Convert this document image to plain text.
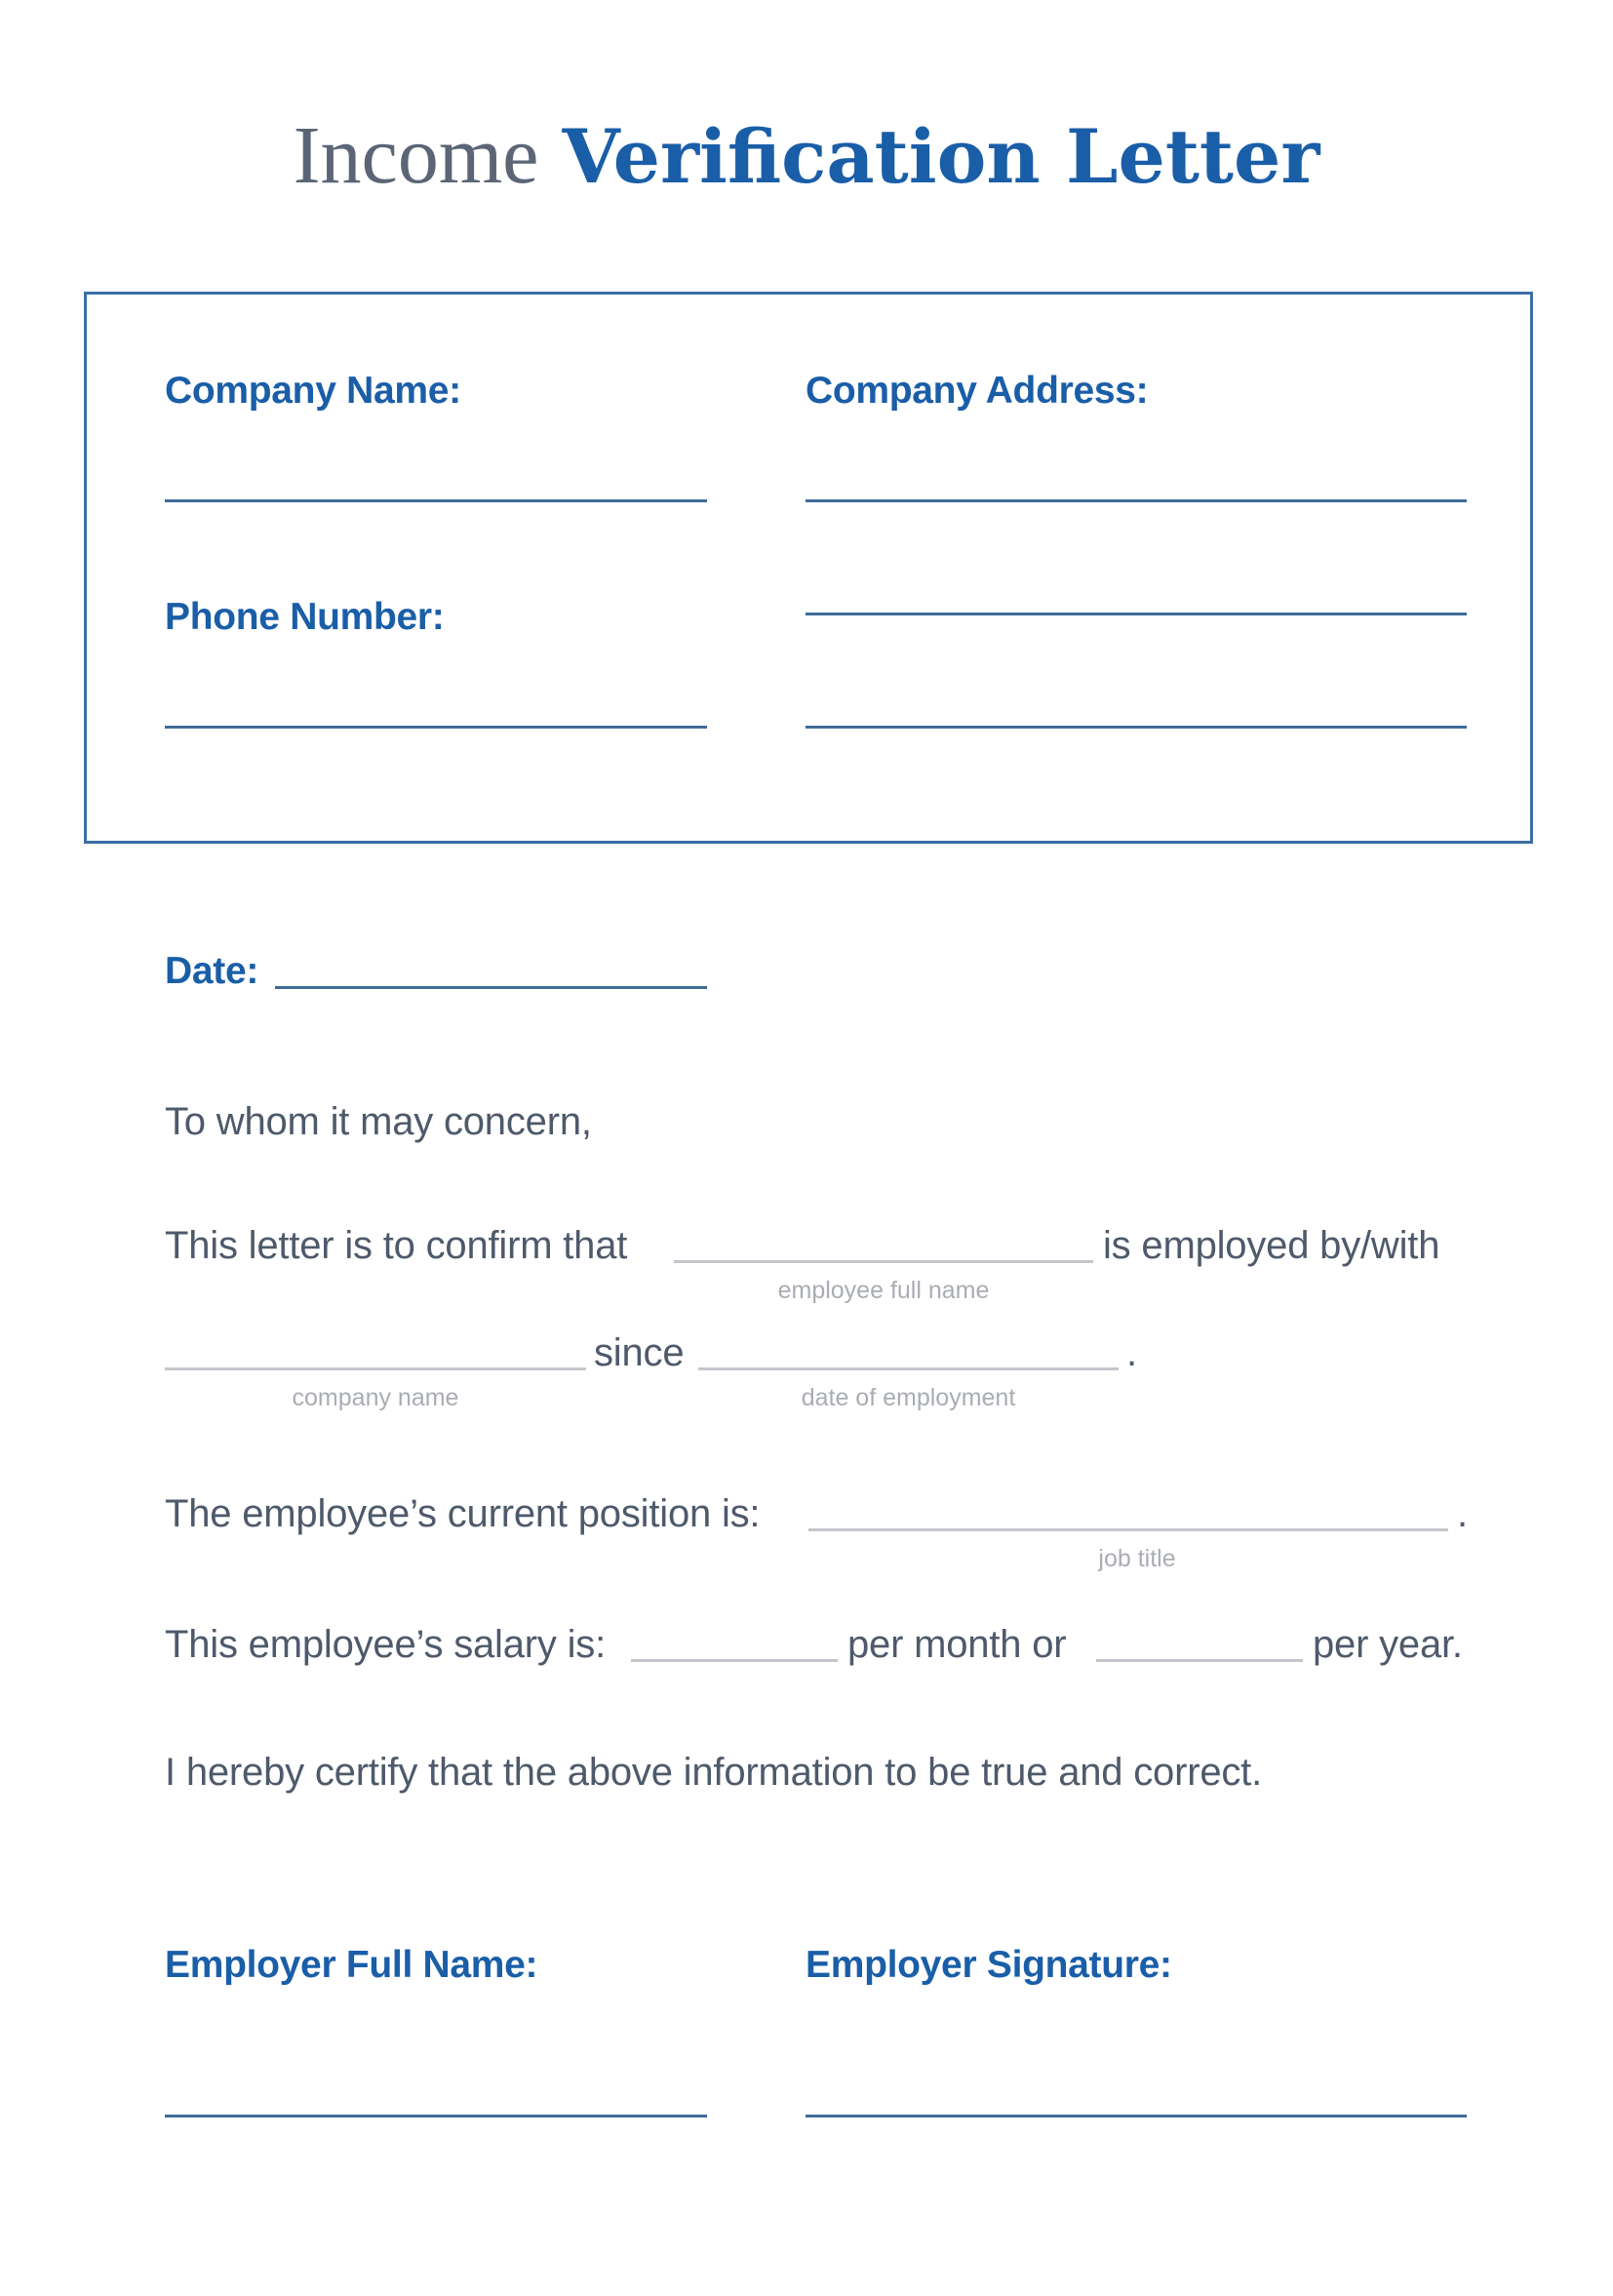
Income Verification Letter
Company Name:	Company Address:
Phone Number:
Date:
To whom it may concern,
This letter is to confirm that	is employed by/with
employee full name
since	.
company name	date of employment
The employee’s current position is:	.
job title
This employee’s salary is:	per month or	per year.
I hereby certify that the above information to be true and correct.
Employer Full Name:	Employer Signature:
